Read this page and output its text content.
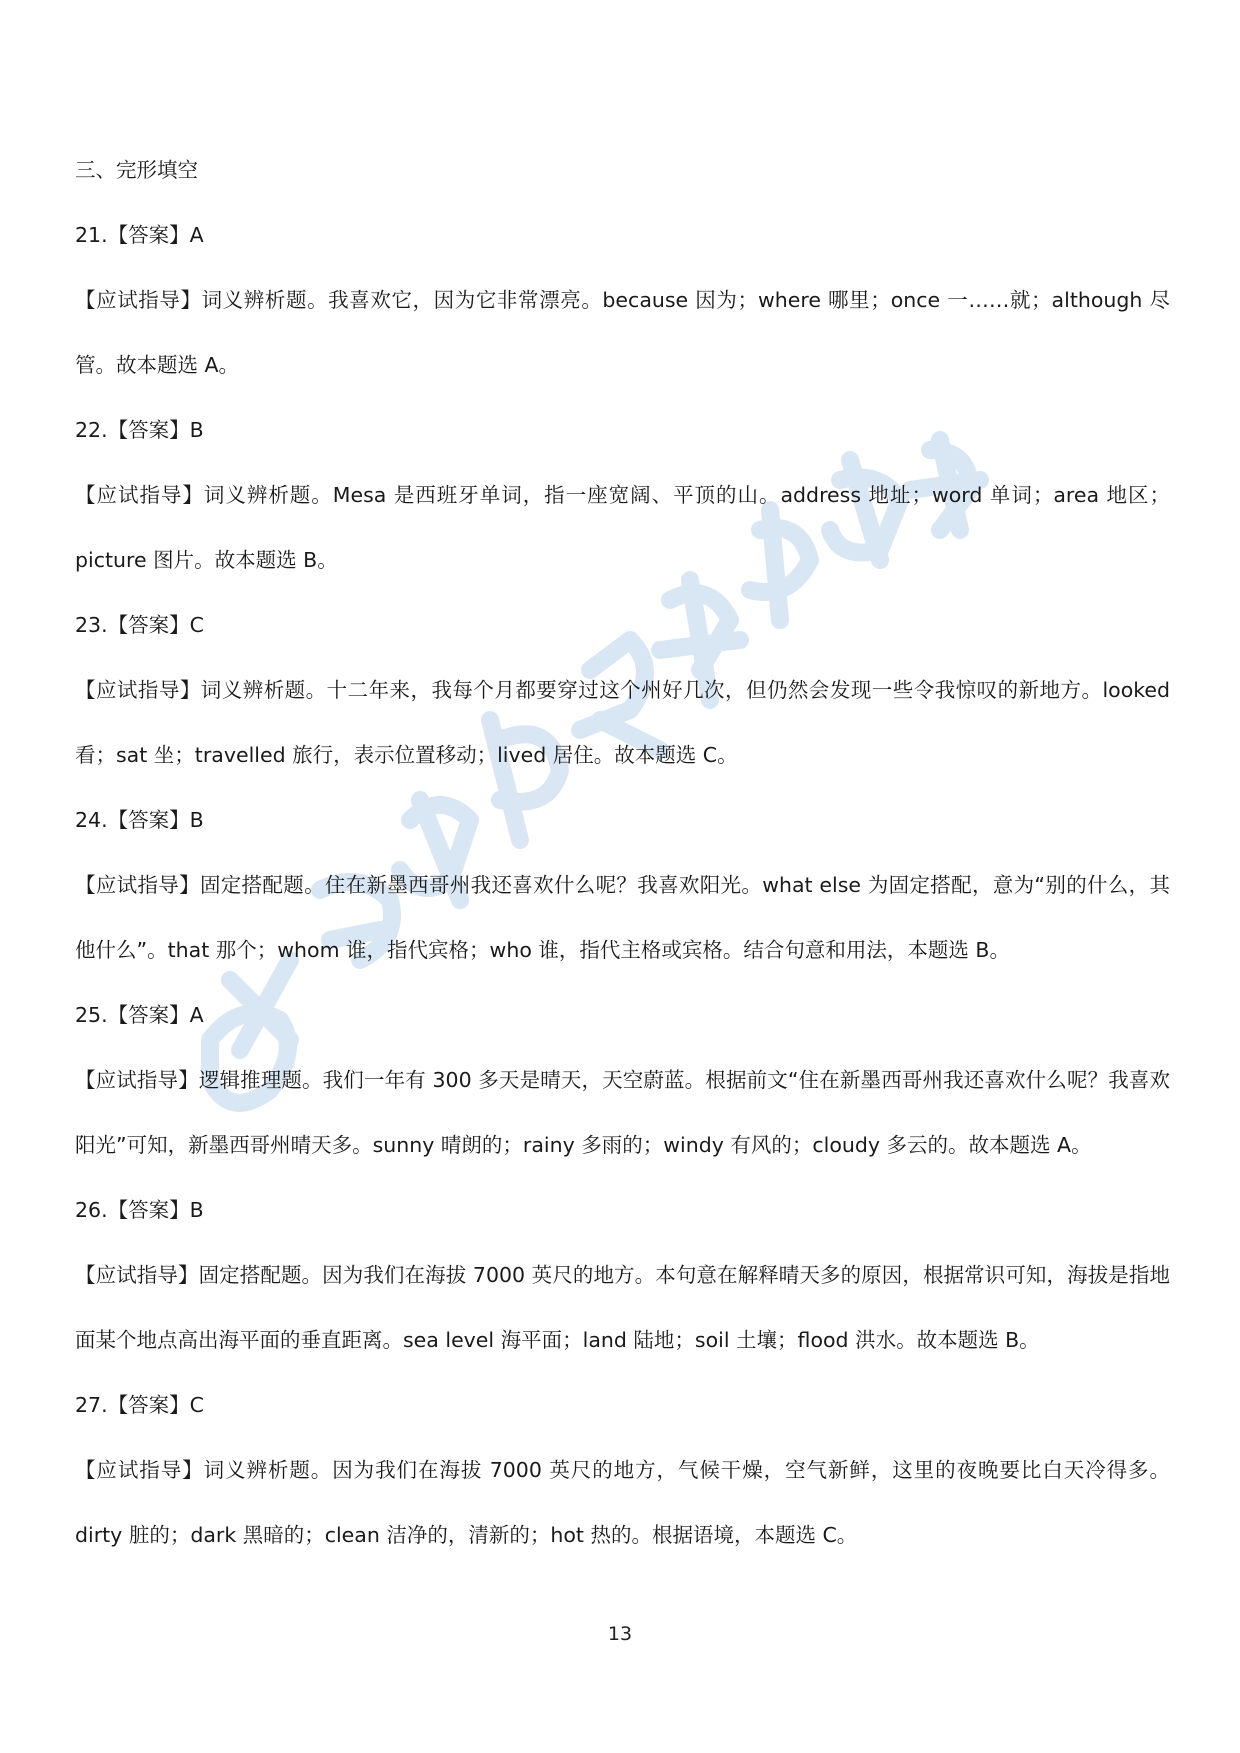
三、完形填空
21.【答案】A
【应试指导】词义辨析题。我喜欢它，因为它非常漂亮。because 因为；where 哪里；once 一……就；although 尽管。故本题选 A。
22.【答案】B
【应试指导】词义辨析题。Mesa 是西班牙单词，指一座宽阔、平顶的山。address 地址；word 单词；area 地区；picture 图片。故本题选 B。
23.【答案】C
【应试指导】词义辨析题。十二年来，我每个月都要穿过这个州好几次，但仍然会发现一些令我惊叹的新地方。looked 看；sat 坐；travelled 旅行，表示位置移动；lived 居住。故本题选 C。
24.【答案】B
【应试指导】固定搭配题。住在新墨西哥州我还喜欢什么呢？我喜欢阳光。what else 为固定搭配，意为“别的什么，其他什么”。that 那个；whom 谁，指代宾格；who 谁，指代主格或宾格。结合句意和用法，本题选 B。
25.【答案】A
【应试指导】逻辑推理题。我们一年有 300 多天是晴天，天空蔚蓝。根据前文“住在新墨西哥州我还喜欢什么呢？我喜欢阳光”可知，新墨西哥州晴天多。sunny 晴朗的；rainy 多雨的；windy 有风的；cloudy 多云的。故本题选 A。
26.【答案】B
【应试指导】固定搭配题。因为我们在海拔 7000 英尺的地方。本句意在解释晴天多的原因，根据常识可知，海拔是指地面某个地点高出海平面的垂直距离。sea level 海平面；land 陆地；soil 土壤；flood 洪水。故本题选 B。
27.【答案】C
【应试指导】词义辨析题。因为我们在海拔 7000 英尺的地方，气候干燥，空气新鲜，这里的夜晚要比白天冷得多。dirty 脏的；dark 黑暗的；clean 洁净的，清新的；hot 热的。根据语境，本题选 C。
13
